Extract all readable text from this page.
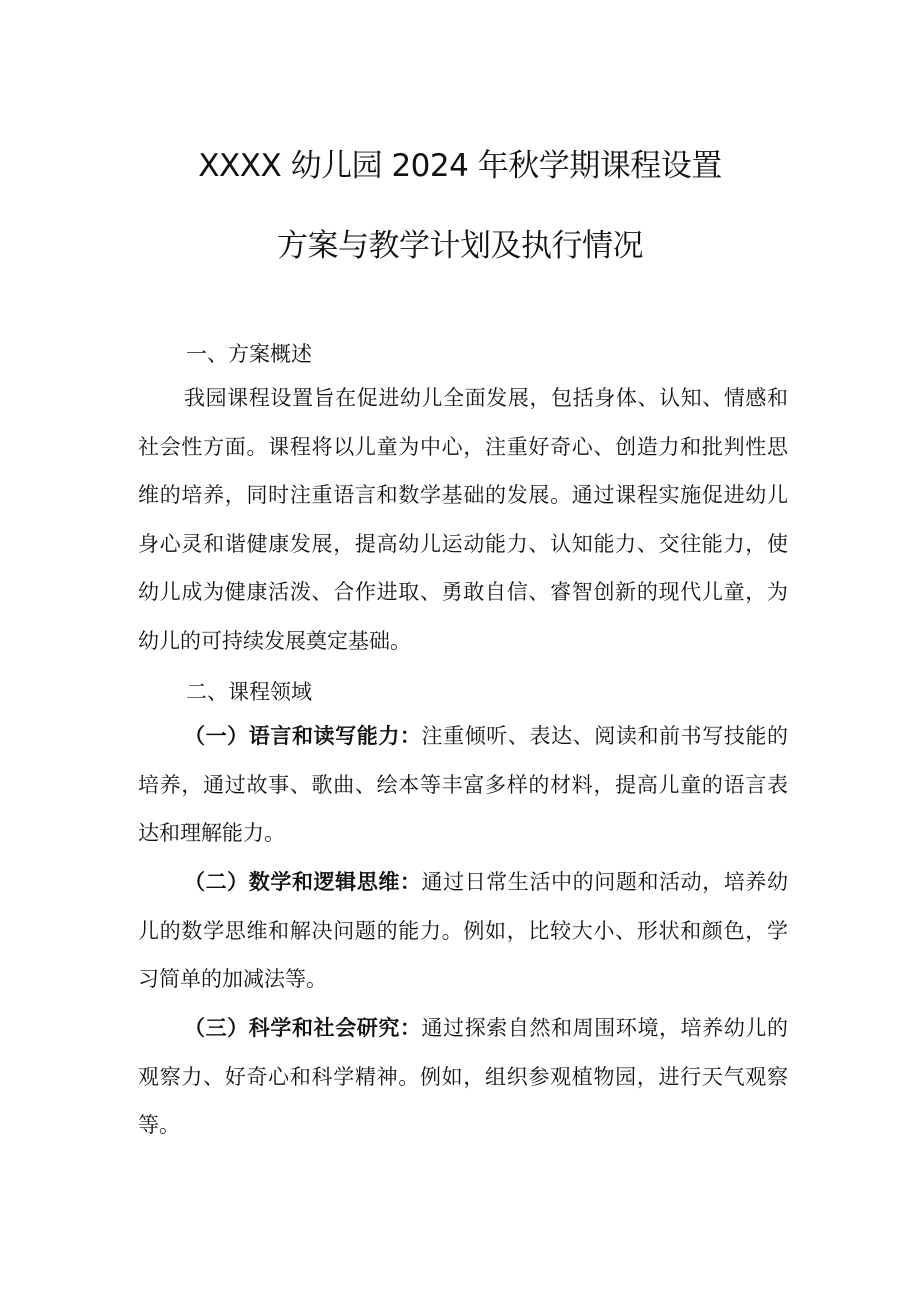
XXXX 幼儿园 2024 年秋学期课程设置
方案与教学计划及执行情况
一、方案概述

我园课程设置旨在促进幼儿全面发展，包括身体、认知、情感和社会性方面。课程将以儿童为中心，注重好奇心、创造力和批判性思维的培养，同时注重语言和数学基础的发展。通过课程实施促进幼儿身心灵和谐健康发展，提高幼儿运动能力、认知能力、交往能力，使幼儿成为健康活泼、合作进取、勇敢自信、睿智创新的现代儿童，为幼儿的可持续发展奠定基础。

二、课程领域

（一）语言和读写能力：注重倾听、表达、阅读和前书写技能的培养，通过故事、歌曲、绘本等丰富多样的材料，提高儿童的语言表达和理解能力。

（二）数学和逻辑思维：通过日常生活中的问题和活动，培养幼儿的数学思维和解决问题的能力。例如，比较大小、形状和颜色，学习简单的加减法等。

（三）科学和社会研究：通过探索自然和周围环境，培养幼儿的观察力、好奇心和科学精神。例如，组织参观植物园，进行天气观察等。
